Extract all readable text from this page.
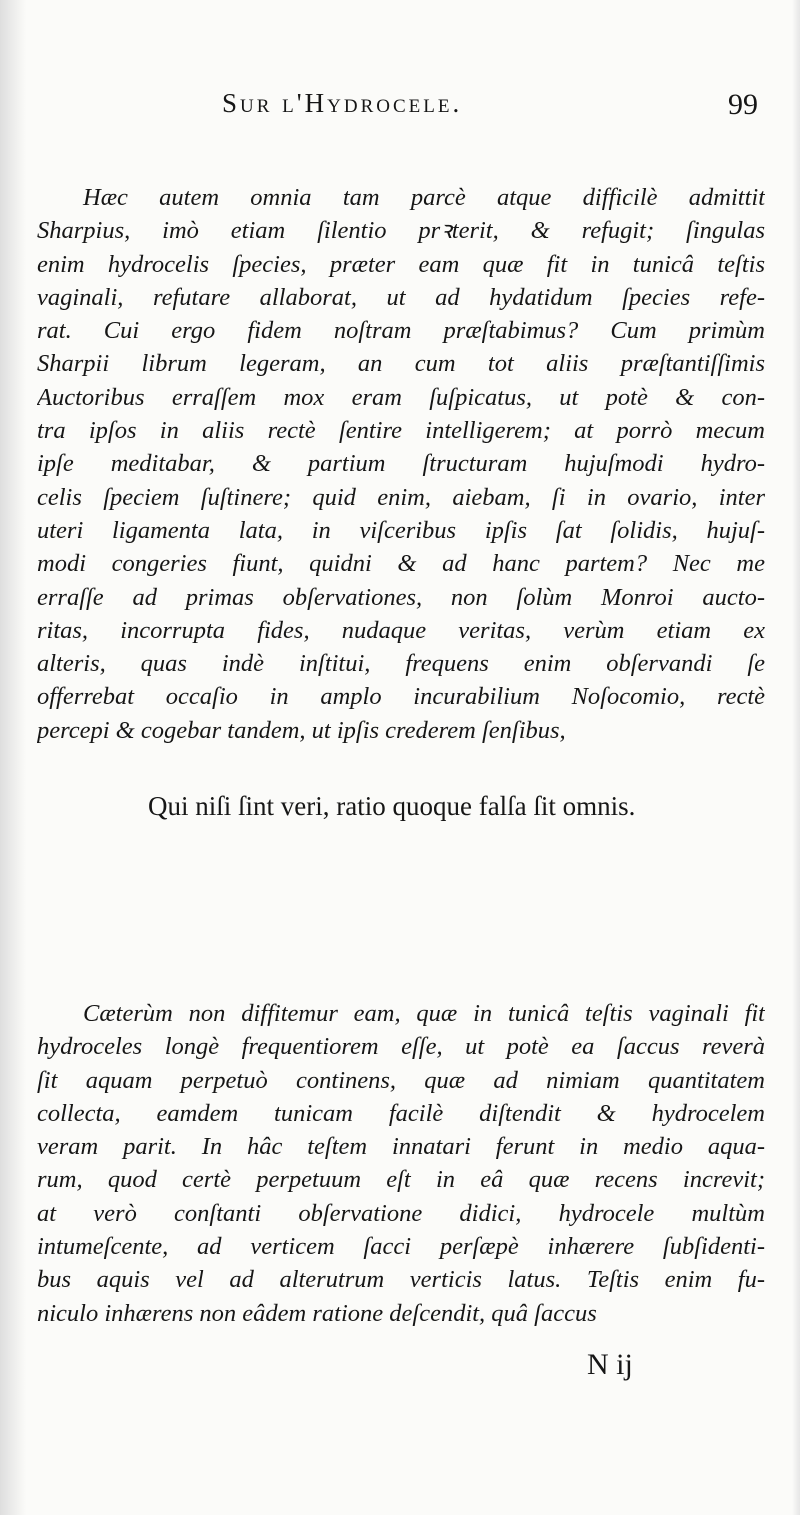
Sur l'Hydrocele.	99
Hæc autem omnia tam parcè atque difficilè admittit
Sharpius, imò etiam ſilentio prꝛterit, & refugit; ſingulas
enim hydrocelis ſpecies, præter eam quæ fit in tunicâ teſtis
vaginali, refutare allaborat, ut ad hydatidum ſpecies refe-
rat. Cui ergo fidem noſtram præſtabimus? Cum primùm
Sharpii librum legeram, an cum tot aliis præſtantiſſimis
Auctoribus erraſſem mox eram ſuſpicatus, ut potè & con-
tra ipſos in aliis rectè ſentire intelligerem; at porrò mecum
ipſe meditabar, & partium ſtructuram hujuſmodi hydro-
celis ſpeciem ſuſtinere; quid enim, aiebam, ſi in ovario, inter
uteri ligamenta lata, in viſceribus ipſis ſat ſolidis, hujuſ-
modi congeries fiunt, quidni & ad hanc partem? Nec me
erraſſe ad primas obſervationes, non ſolùm Monroi aucto-
ritas, incorrupta fides, nudaque veritas, verùm etiam ex
alteris, quas indè inſtitui, frequens enim obſervandi ſe
offerrebat occaſio in amplo incurabilium Noſocomio, rectè
percepi & cogebar tandem, ut ipſis crederem ſenſibus,

Qui niſi ſint veri, ratio quoque falſa ſit omnis.

Cæterùm non diffitemur eam, quæ in tunicâ teſtis vaginali fit
hydroceles longè frequentiorem eſſe, ut potè ea ſaccus reverà
ſit aquam perpetuò continens, quæ ad nimiam quantitatem
collecta, eamdem tunicam facilè diſtendit & hydrocelem
veram parit. In hâc teſtem innatari ferunt in medio aqua-
rum, quod certè perpetuum eſt in eâ quæ recens increvit;
at verò conſtanti obſervatione didici, hydrocele multùm
intumeſcente, ad verticem ſacci perſæpè inhærere ſubſidenti-
bus aquis vel ad alterutrum verticis latus. Teſtis enim fu-
niculo inhærens non eâdem ratione deſcendit, quâ ſaccus
N ij
